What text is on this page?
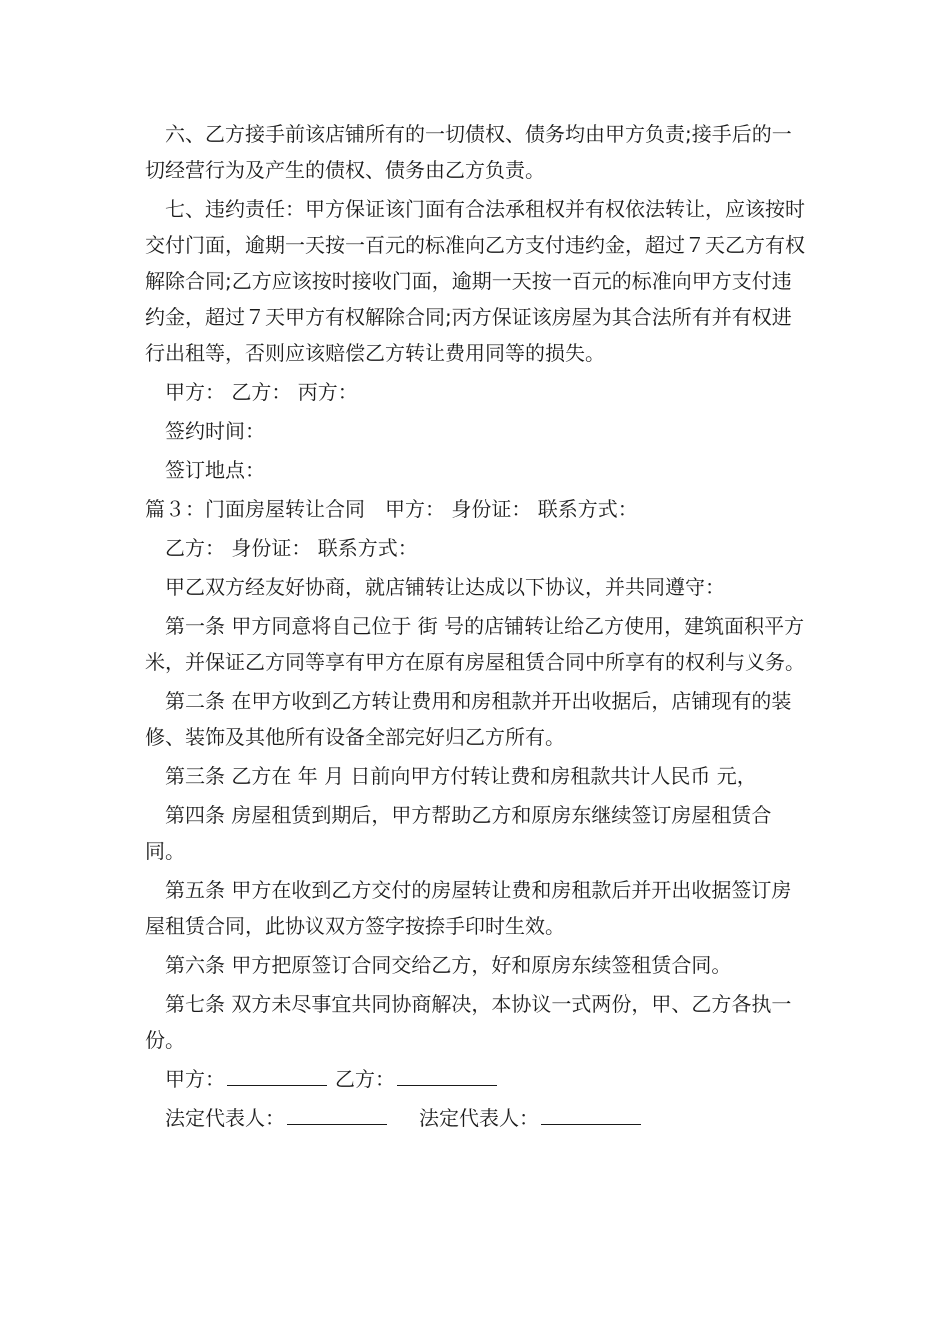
六、乙方接手前该店铺所有的一切债权、债务均由甲方负责;接手后的一切经营行为及产生的债权、债务由乙方负责。

七、违约责任：甲方保证该门面有合法承租权并有权依法转让，应该按时交付门面，逾期一天按一百元的标准向乙方支付违约金，超过７天乙方有权解除合同;乙方应该按时接收门面，逾期一天按一百元的标准向甲方支付违约金，超过７天甲方有权解除合同;丙方保证该房屋为其合法所有并有权进行出租等，否则应该赔偿乙方转让费用同等的损失。

甲方： 乙方： 丙方：

签约时间：

签订地点：

篇３：门面房屋转让合同　甲方： 身份证： 联系方式：

乙方： 身份证： 联系方式：

甲乙双方经友好协商，就店铺转让达成以下协议，并共同遵守：

第一条 甲方同意将自己位于 街 号的店铺转让给乙方使用，建筑面积平方米，并保证乙方同等享有甲方在原有房屋租赁合同中所享有的权利与义务。

第二条 在甲方收到乙方转让费用和房租款并开出收据后，店铺现有的装修、装饰及其他所有设备全部完好归乙方所有。

第三条 乙方在 年 月 日前向甲方付转让费和房租款共计人民币 元，

第四条 房屋租赁到期后，甲方帮助乙方和原房东继续签订房屋租赁合同。

第五条 甲方在收到乙方交付的房屋转让费和房租款后并开出收据签订房屋租赁合同，此协议双方签字按捺手印时生效。

第六条 甲方把原签订合同交给乙方，好和原房东续签租赁合同。

第七条 双方未尽事宜共同协商解决，本协议一式两份，甲、乙方各执一份。

甲方：	乙方：

法定代表人：	法定代表人：
